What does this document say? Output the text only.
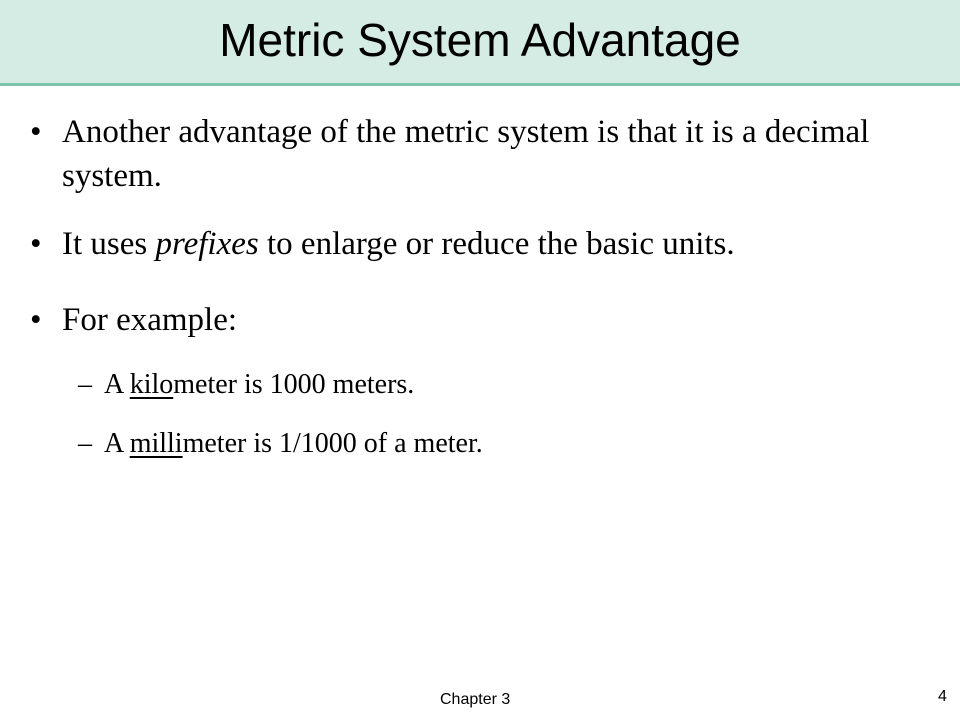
Metric System Advantage
• Another advantage of the metric system is that it is a decimal system.
• It uses prefixes to enlarge or reduce the basic units.
• For example:
– A kilometer is 1000 meters.
– A millimeter is 1/1000 of a meter.
Chapter 3	4
